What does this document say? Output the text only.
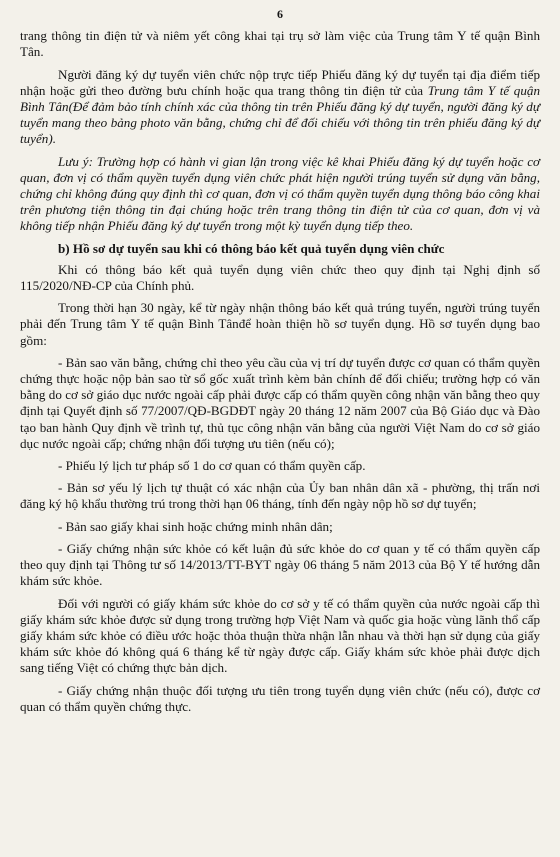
6

trang thông tin điện tử và niêm yết công khai tại trụ sở làm việc của Trung tâm Y tế quận Bình Tân.

Người đăng ký dự tuyển viên chức nộp trực tiếp Phiếu đăng ký dự tuyển tại địa điểm tiếp nhận hoặc gửi theo đường bưu chính hoặc qua trang thông tin điện tử của Trung tâm Y tế quận Bình Tân(Để đảm bảo tính chính xác của thông tin trên Phiếu đăng ký dự tuyển, người đăng ký dự tuyển mang theo bảng photo văn bằng, chứng chỉ để đối chiếu với thông tin trên phiếu đăng ký dự tuyển).

Lưu ý: Trường hợp có hành vi gian lận trong việc kê khai Phiếu đăng ký dự tuyển hoặc cơ quan, đơn vị có thẩm quyền tuyển dụng viên chức phát hiện người trúng tuyển sử dụng văn bằng, chứng chỉ không đúng quy định thì cơ quan, đơn vị có thẩm quyền tuyển dụng thông báo công khai trên phương tiện thông tin đại chúng hoặc trên trang thông tin điện tử của cơ quan, đơn vị và không tiếp nhận Phiếu đăng ký dự tuyển trong một kỳ tuyển dụng tiếp theo.

b) Hồ sơ dự tuyển sau khi có thông báo kết quả tuyển dụng viên chức

Khi có thông báo kết quả tuyển dụng viên chức theo quy định tại Nghị định số 115/2020/NĐ-CP của Chính phủ.

Trong thời hạn 30 ngày, kể từ ngày nhận thông báo kết quả trúng tuyển, người trúng tuyển phải đến Trung tâm Y tế quận Bình Tânđể hoàn thiện hồ sơ tuyển dụng. Hồ sơ tuyển dụng bao gồm:

- Bản sao văn bằng, chứng chỉ theo yêu cầu của vị trí dự tuyển được cơ quan có thẩm quyền chứng thực hoặc nộp bản sao từ sổ gốc xuất trình kèm bản chính để đối chiếu; trường hợp có văn bằng do cơ sở giáo dục nước ngoài cấp phải được cấp có thẩm quyền công nhận văn bằng theo quy định tại Quyết định số 77/2007/QĐ-BGDĐT ngày 20 tháng 12 năm 2007 của Bộ Giáo dục và Đào tạo ban hành Quy định về trình tự, thủ tục công nhận văn bằng của người Việt Nam do cơ sở giáo dục nước ngoài cấp; chứng nhận đối tượng ưu tiên (nếu có);

- Phiếu lý lịch tư pháp số 1 do cơ quan có thẩm quyền cấp.

- Bản sơ yếu lý lịch tự thuật có xác nhận của Ủy ban nhân dân xã - phường, thị trấn nơi đăng ký hộ khẩu thường trú trong thời hạn 06 tháng, tính đến ngày nộp hồ sơ dự tuyển;

- Bản sao giấy khai sinh hoặc chứng minh nhân dân;

- Giấy chứng nhận sức khỏe có kết luận đủ sức khỏe do cơ quan y tế có thẩm quyền cấp theo quy định tại Thông tư số 14/2013/TT-BYT ngày 06 tháng 5 năm 2013 của Bộ Y tế hướng dẫn khám sức khỏe.

Đối với người có giấy khám sức khỏe do cơ sở y tế có thẩm quyền của nước ngoài cấp thì giấy khám sức khỏe được sử dụng trong trường hợp Việt Nam và quốc gia hoặc vùng lãnh thổ cấp giấy khám sức khỏe có điều ước hoặc thỏa thuận thừa nhận lẫn nhau và thời hạn sử dụng của giấy khám sức khỏe đó không quá 6 tháng kể từ ngày được cấp. Giấy khám sức khỏe phải được dịch sang tiếng Việt có chứng thực bản dịch.

- Giấy chứng nhận thuộc đối tượng ưu tiên trong tuyển dụng viên chức (nếu có), được cơ quan có thẩm quyền chứng thực.
